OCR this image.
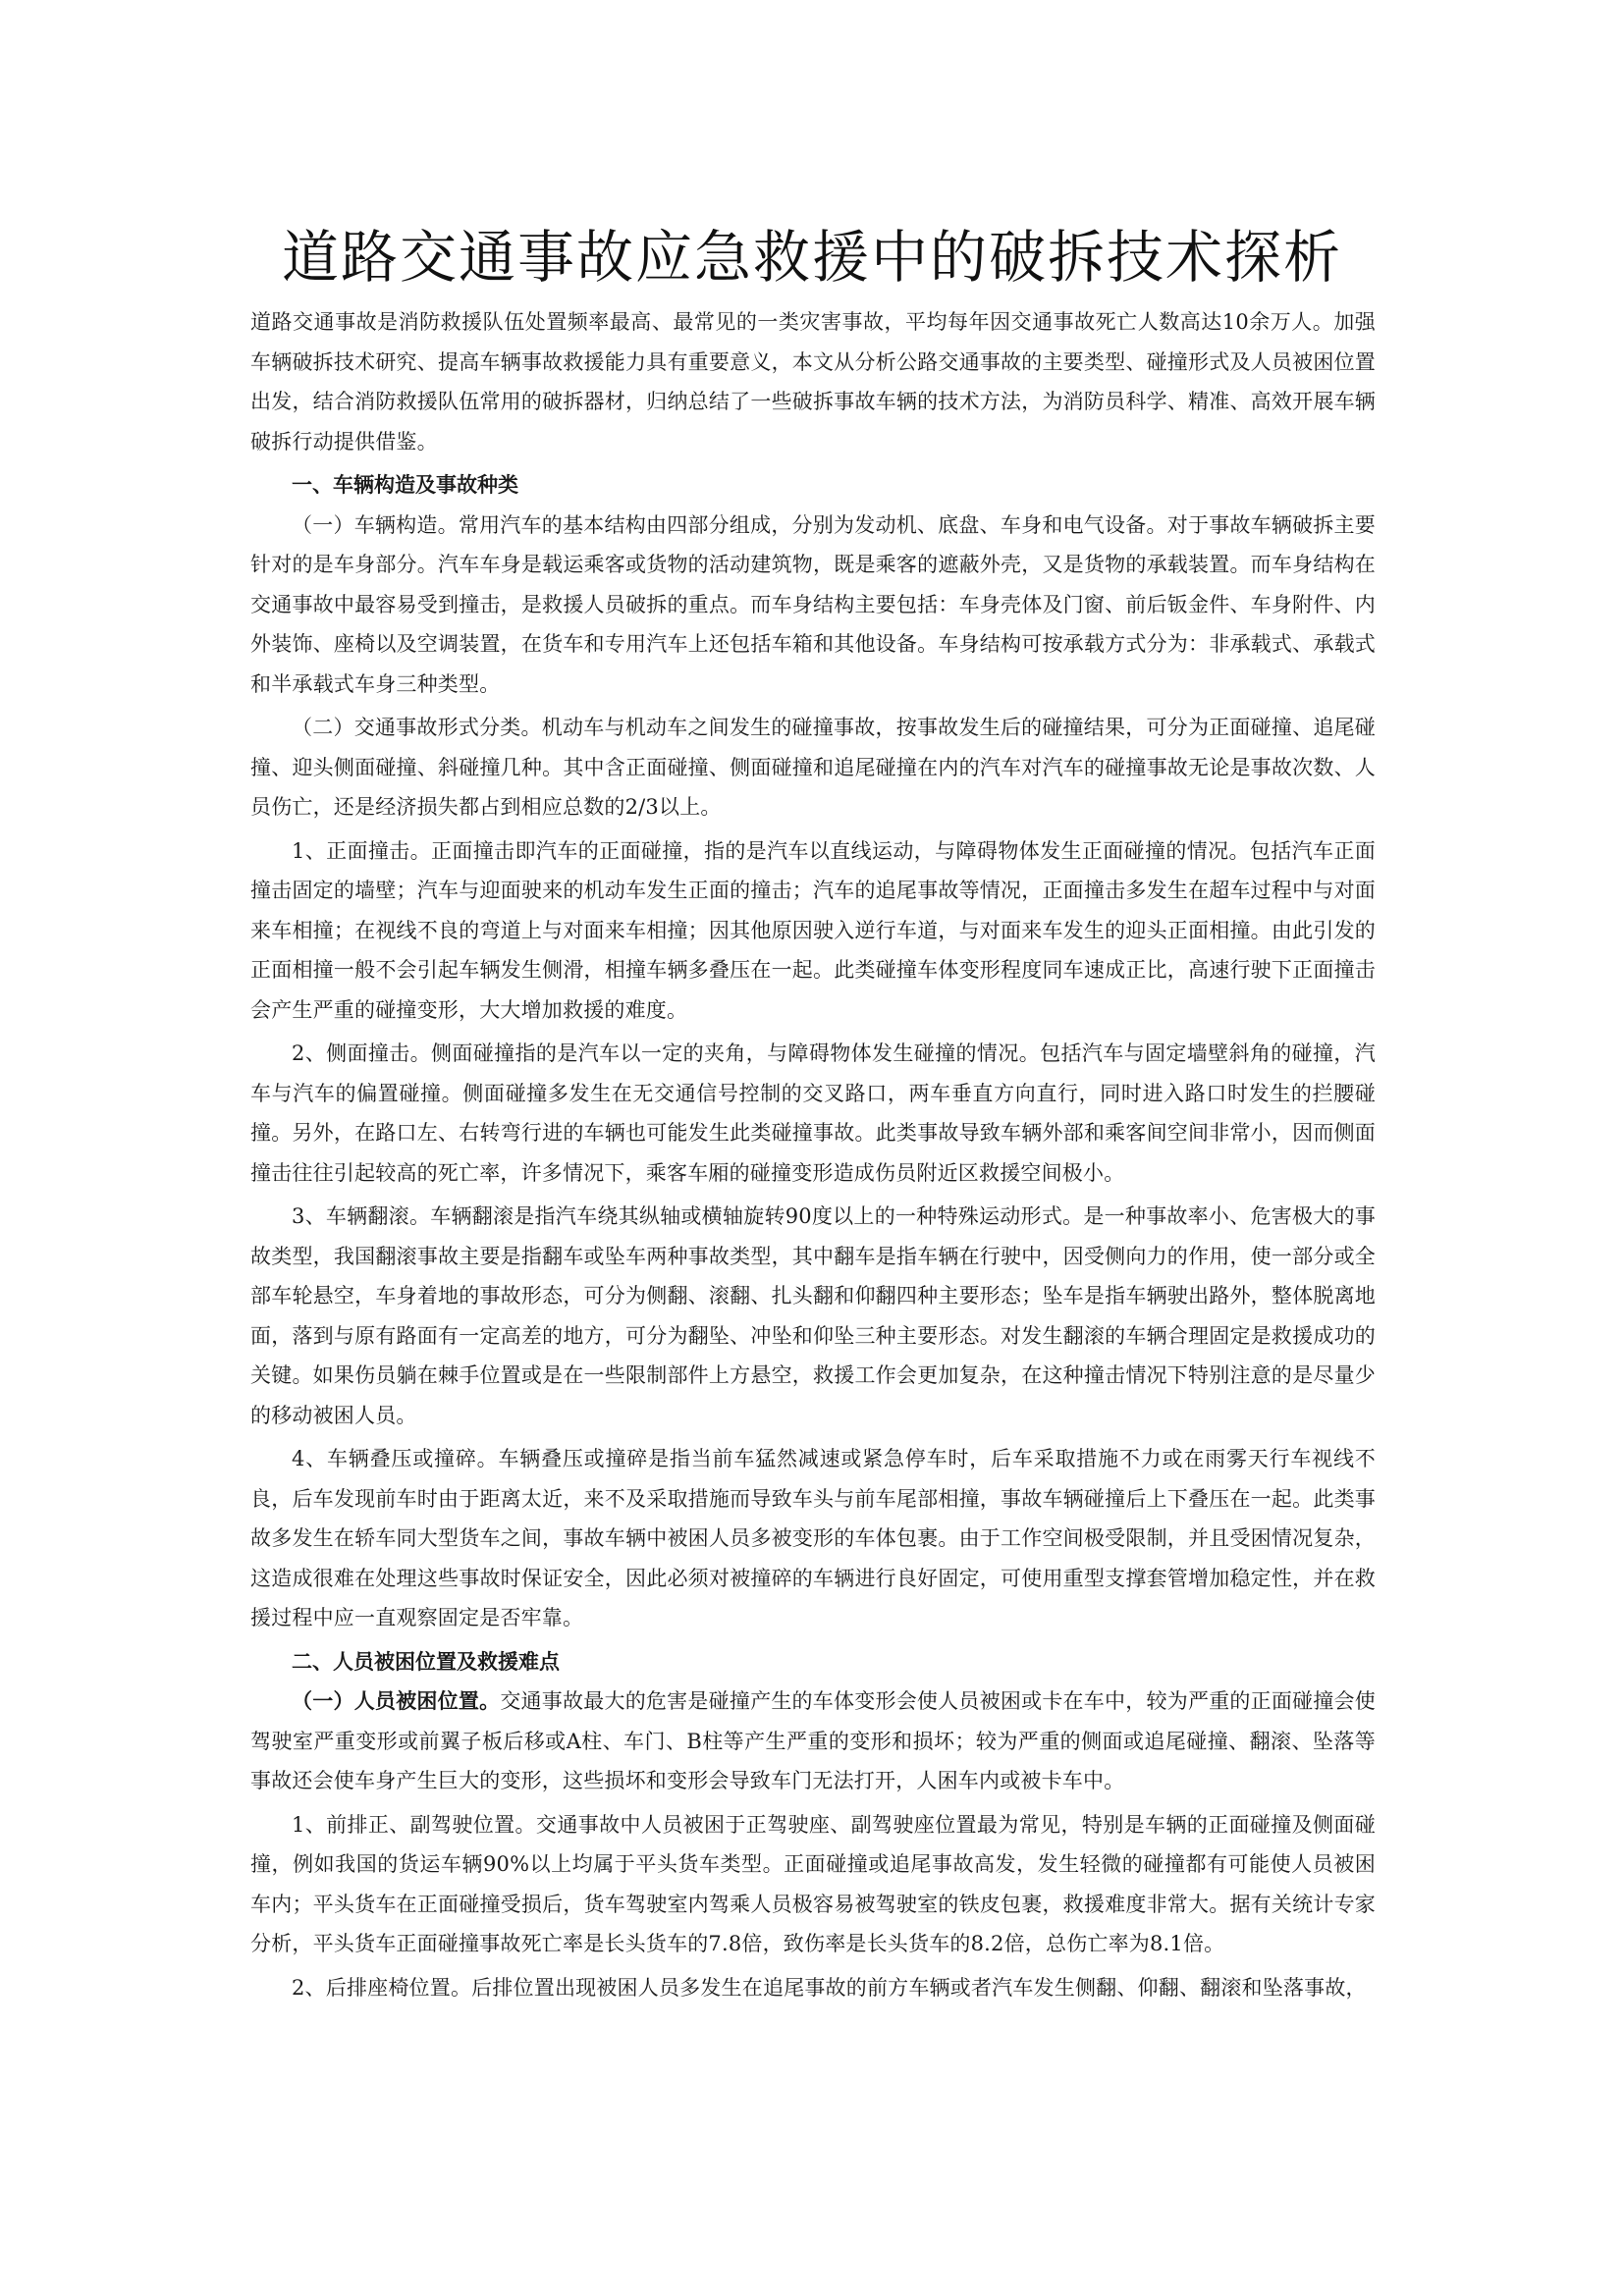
道路交通事故应急救援中的破拆技术探析

道路交通事故是消防救援队伍处置频率最高、最常见的一类灾害事故，平均每年因交通事故死亡人数高达10余万人。加强车辆破拆技术研究、提高车辆事故救援能力具有重要意义，本文从分析公路交通事故的主要类型、碰撞形式及人员被困位置出发，结合消防救援队伍常用的破拆器材，归纳总结了一些破拆事故车辆的技术方法，为消防员科学、精准、高效开展车辆破拆行动提供借鉴。

一、车辆构造及事故种类

（一）车辆构造。常用汽车的基本结构由四部分组成，分别为发动机、底盘、车身和电气设备。对于事故车辆破拆主要针对的是车身部分。汽车车身是载运乘客或货物的活动建筑物，既是乘客的遮蔽外壳，又是货物的承载装置。而车身结构在交通事故中最容易受到撞击，是救援人员破拆的重点。而车身结构主要包括：车身壳体及门窗、前后钣金件、车身附件、内外装饰、座椅以及空调装置，在货车和专用汽车上还包括车箱和其他设备。车身结构可按承载方式分为：非承载式、承载式和半承载式车身三种类型。

（二）交通事故形式分类。机动车与机动车之间发生的碰撞事故，按事故发生后的碰撞结果，可分为正面碰撞、追尾碰撞、迎头侧面碰撞、斜碰撞几种。其中含正面碰撞、侧面碰撞和追尾碰撞在内的汽车对汽车的碰撞事故无论是事故次数、人员伤亡，还是经济损失都占到相应总数的2/3以上。

1、正面撞击。正面撞击即汽车的正面碰撞，指的是汽车以直线运动，与障碍物体发生正面碰撞的情况。包括汽车正面撞击固定的墙壁；汽车与迎面驶来的机动车发生正面的撞击；汽车的追尾事故等情况，正面撞击多发生在超车过程中与对面来车相撞；在视线不良的弯道上与对面来车相撞；因其他原因驶入逆行车道，与对面来车发生的迎头正面相撞。由此引发的正面相撞一般不会引起车辆发生侧滑，相撞车辆多叠压在一起。此类碰撞车体变形程度同车速成正比，高速行驶下正面撞击会产生严重的碰撞变形，大大增加救援的难度。

2、侧面撞击。侧面碰撞指的是汽车以一定的夹角，与障碍物体发生碰撞的情况。包括汽车与固定墙壁斜角的碰撞，汽车与汽车的偏置碰撞。侧面碰撞多发生在无交通信号控制的交叉路口，两车垂直方向直行，同时进入路口时发生的拦腰碰撞。另外，在路口左、右转弯行进的车辆也可能发生此类碰撞事故。此类事故导致车辆外部和乘客间空间非常小，因而侧面撞击往往引起较高的死亡率，许多情况下，乘客车厢的碰撞变形造成伤员附近区救援空间极小。

3、车辆翻滚。车辆翻滚是指汽车绕其纵轴或横轴旋转90度以上的一种特殊运动形式。是一种事故率小、危害极大的事故类型，我国翻滚事故主要是指翻车或坠车两种事故类型，其中翻车是指车辆在行驶中，因受侧向力的作用，使一部分或全部车轮悬空，车身着地的事故形态，可分为侧翻、滚翻、扎头翻和仰翻四种主要形态；坠车是指车辆驶出路外，整体脱离地面，落到与原有路面有一定高差的地方，可分为翻坠、冲坠和仰坠三种主要形态。对发生翻滚的车辆合理固定是救援成功的关键。如果伤员躺在棘手位置或是在一些限制部件上方悬空，救援工作会更加复杂，在这种撞击情况下特别注意的是尽量少的移动被困人员。

4、车辆叠压或撞碎。车辆叠压或撞碎是指当前车猛然减速或紧急停车时，后车采取措施不力或在雨雾天行车视线不良，后车发现前车时由于距离太近，来不及采取措施而导致车头与前车尾部相撞，事故车辆碰撞后上下叠压在一起。此类事故多发生在轿车同大型货车之间，事故车辆中被困人员多被变形的车体包裹。由于工作空间极受限制，并且受困情况复杂，这造成很难在处理这些事故时保证安全，因此必须对被撞碎的车辆进行良好固定，可使用重型支撑套管增加稳定性，并在救援过程中应一直观察固定是否牢靠。

二、人员被困位置及救援难点

（一）人员被困位置。交通事故最大的危害是碰撞产生的车体变形会使人员被困或卡在车中，较为严重的正面碰撞会使驾驶室严重变形或前翼子板后移或A柱、车门、B柱等产生严重的变形和损坏；较为严重的侧面或追尾碰撞、翻滚、坠落等事故还会使车身产生巨大的变形，这些损坏和变形会导致车门无法打开，人困车内或被卡车中。

1、前排正、副驾驶位置。交通事故中人员被困于正驾驶座、副驾驶座位置最为常见，特别是车辆的正面碰撞及侧面碰撞，例如我国的货运车辆90%以上均属于平头货车类型。正面碰撞或追尾事故高发，发生轻微的碰撞都有可能使人员被困车内；平头货车在正面碰撞受损后，货车驾驶室内驾乘人员极容易被驾驶室的铁皮包裹，救援难度非常大。据有关统计专家分析，平头货车正面碰撞事故死亡率是长头货车的7.8倍，致伤率是长头货车的8.2倍，总伤亡率为8.1倍。

2、后排座椅位置。后排位置出现被困人员多发生在追尾事故的前方车辆或者汽车发生侧翻、仰翻、翻滚和坠落事故，
